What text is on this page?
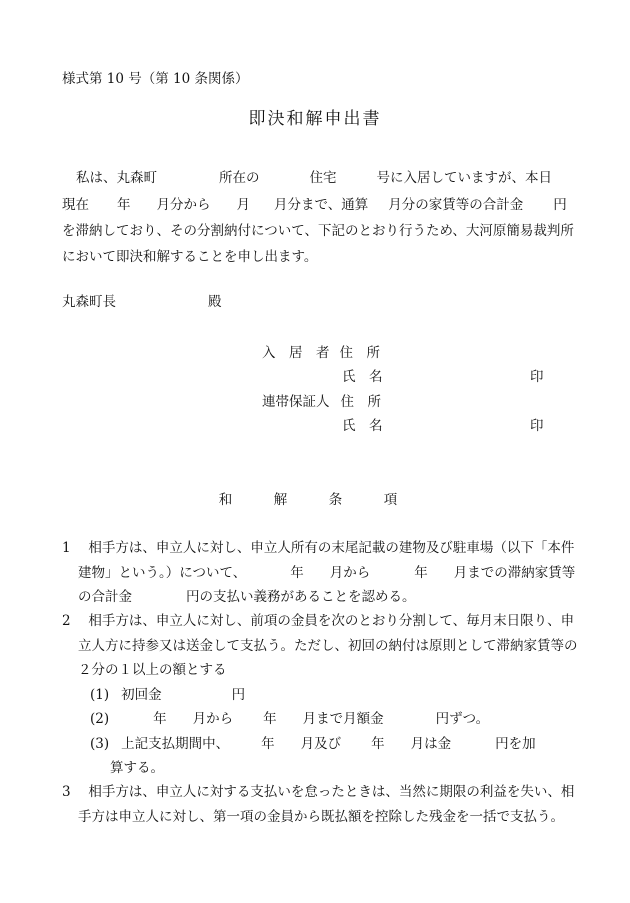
様式第 10 号（第 10 条関係）
即決和解申出書
私は、丸森町	所在の	住宅	号に入居していますが、本日
現在 年 月分から 月 月分まで、通算 月分の家賃等の合計金 円
を滞納しており、その分割納付について、下記のとおり行うため、大河原簡易裁判所
において即決和解することを申し出ます。
丸森町長	殿
入　居　者 住　所
氏　名	印
連帯保証人 住　所
氏　名	印
和　解　条　項
1　 相手方は、申立人に対し、申立人所有の末尾記載の建物及び駐車場（以下「本件
建物」という。）について、	年 月から	年 月までの滞納家賃等
の合計金	円の支払い義務があることを認める。
2　 相手方は、申立人に対し、前項の金員を次のとおり分割して、毎月末日限り、申
立人方に持参又は送金して支払う。ただし、初回の納付は原則として滞納家賃等の
２分の１以上の額とする
(1) 初回金	円
(2)	年 月から 年 月まで月額金	円ずつ。
(3) 上記支払期間中、 年 月及び 年 月は金	円を加
算する。
3　 相手方は、申立人に対する支払いを怠ったときは、当然に期限の利益を失い、相
手方は申立人に対し、第一項の金員から既払額を控除した残金を一括で支払う。
